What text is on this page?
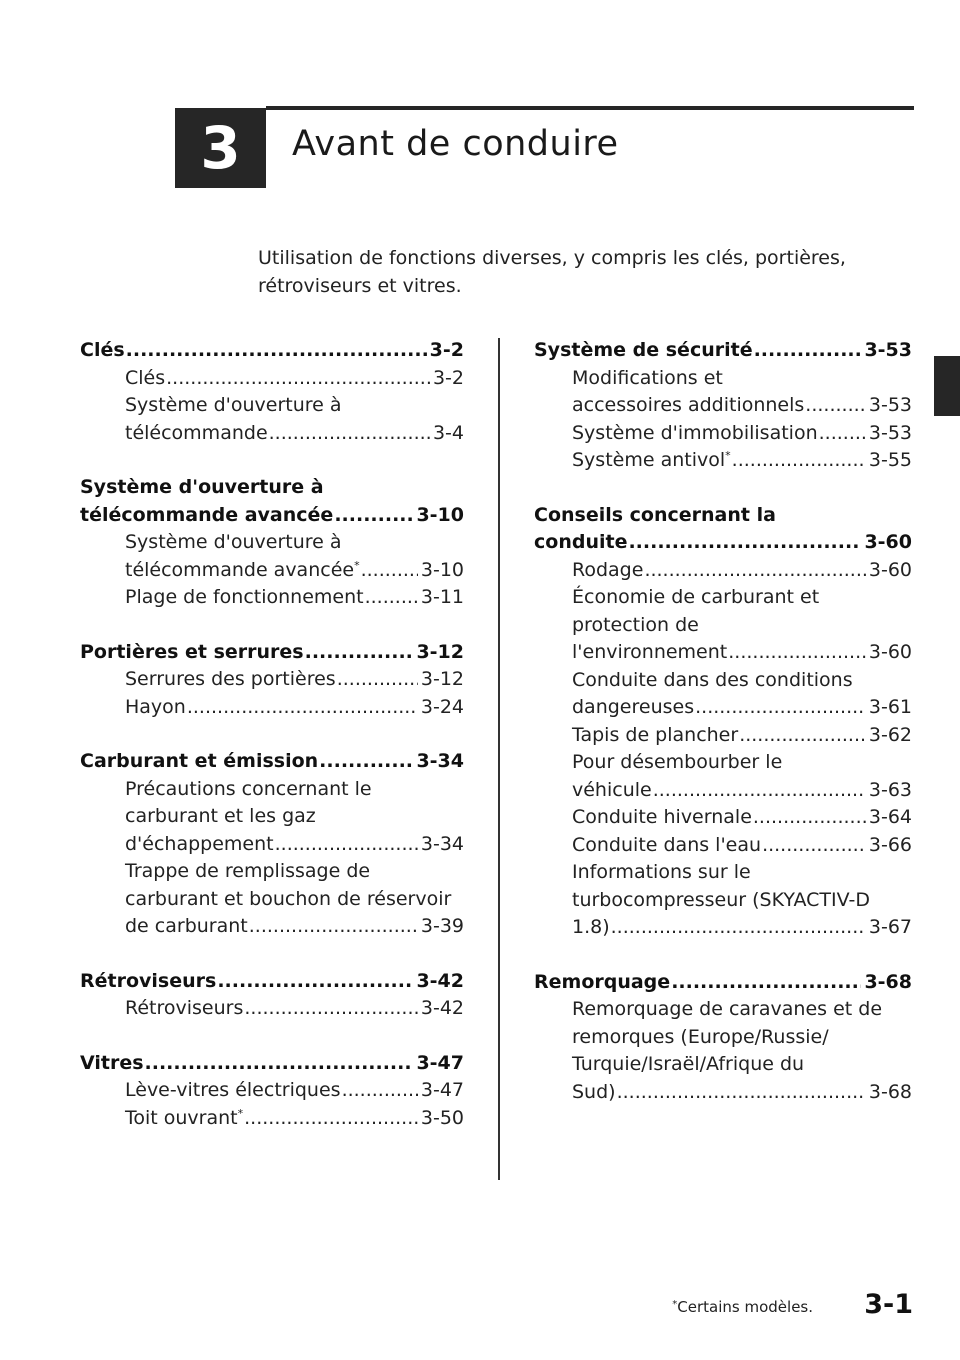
3 Avant de conduire
Utilisation de fonctions diverses, y compris les clés, portières, rétroviseurs et vitres.
Clés .....	3-2
Clés .....	3-2
Système d'ouverture à
télécommande .....	3-4
Système d'ouverture à
télécommande avancée .....	3-10
Système d'ouverture à
télécommande avancée* .....	3-10
Plage de fonctionnement .....	3-11
Portières et serrures .....	3-12
Serrures des portières .....	3-12
Hayon .....	3-24
Carburant et émission .....	3-34
Précautions concernant le
carburant et les gaz
d'échappement .....	3-34
Trappe de remplissage de
carburant et bouchon de réservoir
de carburant .....	3-39
Rétroviseurs .....	3-42
Rétroviseurs .....	3-42
Vitres .....	3-47
Lève-vitres électriques .....	3-47
Toit ouvrant* .....	3-50
Système de sécurité .....	3-53
Modifications et
accessoires additionnels .....	3-53
Système d'immobilisation .....	3-53
Système antivol* .....	3-55
Conseils concernant la
conduite .....	3-60
Rodage .....	3-60
Économie de carburant et
protection de
l'environnement .....	3-60
Conduite dans des conditions
dangereuses .....	3-61
Tapis de plancher .....	3-62
Pour désembourber le
véhicule .....	3-63
Conduite hivernale .....	3-64
Conduite dans l'eau .....	3-66
Informations sur le
turbocompresseur (SKYACTIV-D
1.8) .....	3-67
Remorquage .....	3-68
Remorquage de caravanes et de
remorques (Europe/Russie/
Turquie/Israël/Afrique du
Sud) .....	3-68
*Certains modèles. 3-1
